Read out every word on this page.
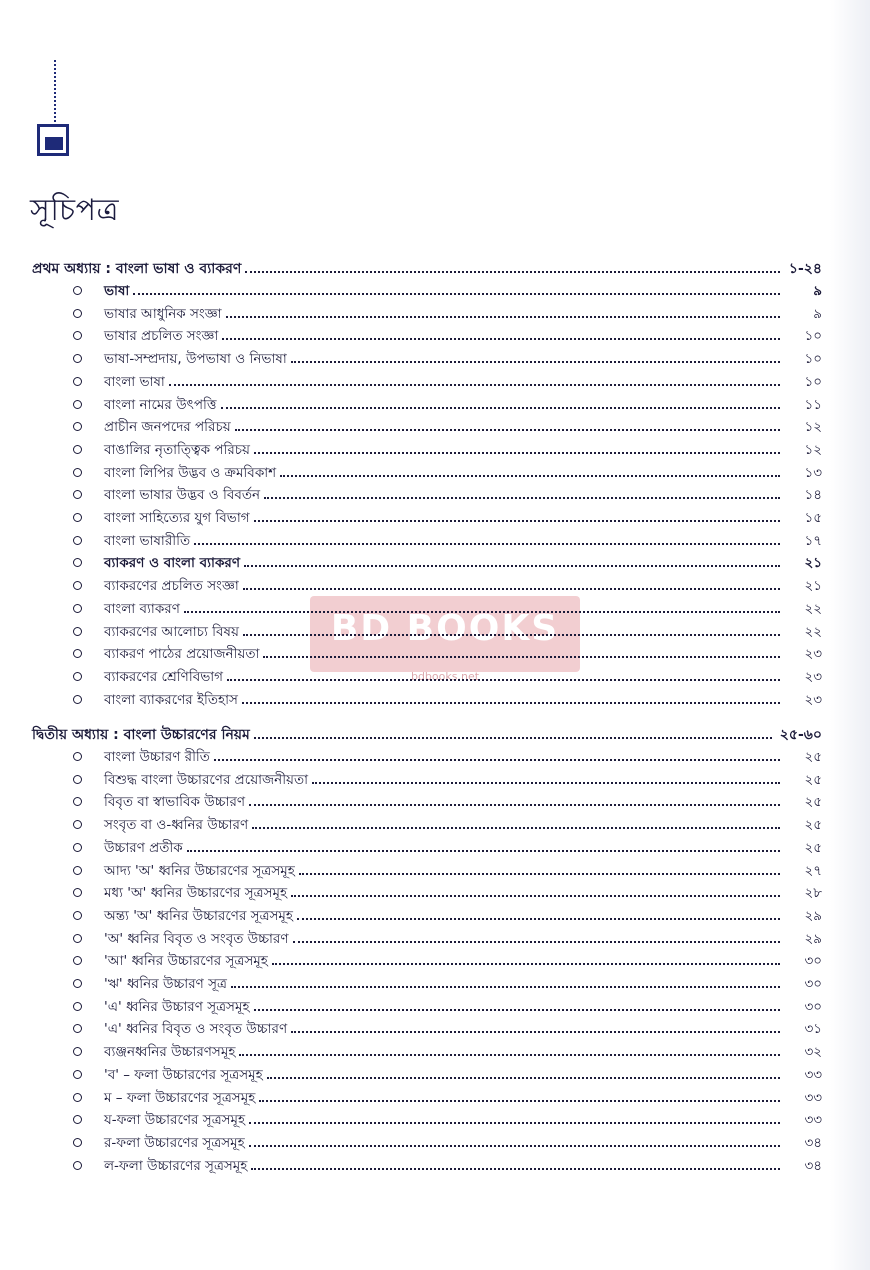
সূচিপত্র
BD BOOKS
bdbooks.net
প্রথম অধ্যায় : বাংলা ভাষা ও ব্যাকরণ	১-২৪
ভাষা	৯
ভাষার আধুনিক সংজ্ঞা	৯
ভাষার প্রচলিত সংজ্ঞা	১০
ভাষা-সম্প্রদায়, উপভাষা ও নিভাষা	১০
বাংলা ভাষা	১০
বাংলা নামের উৎপত্তি	১১
প্রাচীন জনপদের পরিচয়	১২
বাঙালির নৃতাত্ত্বিক পরিচয়	১২
বাংলা লিপির উদ্ভব ও ক্রমবিকাশ	১৩
বাংলা ভাষার উদ্ভব ও বিবর্তন	১৪
বাংলা সাহিত্যের যুগ বিভাগ	১৫
বাংলা ভাষারীতি	১৭
ব্যাকরণ ও বাংলা ব্যাকরণ	২১
ব্যাকরণের প্রচলিত সংজ্ঞা	২১
বাংলা ব্যাকরণ	২২
ব্যাকরণের আলোচ্য বিষয়	২২
ব্যাকরণ পাঠের প্রয়োজনীয়তা	২৩
ব্যাকরণের শ্রেণিবিভাগ	২৩
বাংলা ব্যাকরণের ইতিহাস	২৩
দ্বিতীয় অধ্যায় : বাংলা উচ্চারণের নিয়ম	২৫-৬০
বাংলা উচ্চারণ রীতি	২৫
বিশুদ্ধ বাংলা উচ্চারণের প্রয়োজনীয়তা	২৫
বিবৃত বা স্বাভাবিক উচ্চারণ	২৫
সংবৃত বা ও-ধ্বনির উচ্চারণ	২৫
উচ্চারণ প্রতীক	২৫
আদ্য 'অ' ধ্বনির উচ্চারণের সূত্রসমূহ	২৭
মধ্য 'অ' ধ্বনির উচ্চারণের সূত্রসমূহ	২৮
অন্ত্য 'অ' ধ্বনির উচ্চারণের সূত্রসমূহ	২৯
'অ' ধ্বনির বিবৃত ও সংবৃত উচ্চারণ	২৯
'আ' ধ্বনির উচ্চারণের সূত্রসমূহ	৩০
'ঋ' ধ্বনির উচ্চারণ সূত্র	৩০
'এ' ধ্বনির উচ্চারণ সূত্রসমূহ	৩০
'এ' ধ্বনির বিবৃত ও সংবৃত উচ্চারণ	৩১
ব্যঞ্জনধ্বনির উচ্চারণসমূহ	৩২
'ব' – ফলা উচ্চারণের সূত্রসমূহ	৩৩
ম – ফলা উচ্চারণের সূত্রসমূহ	৩৩
য-ফলা উচ্চারণের সূত্রসমূহ	৩৩
র-ফলা উচ্চারণের সূত্রসমূহ	৩৪
ল-ফলা উচ্চারণের সূত্রসমূহ	৩৪
